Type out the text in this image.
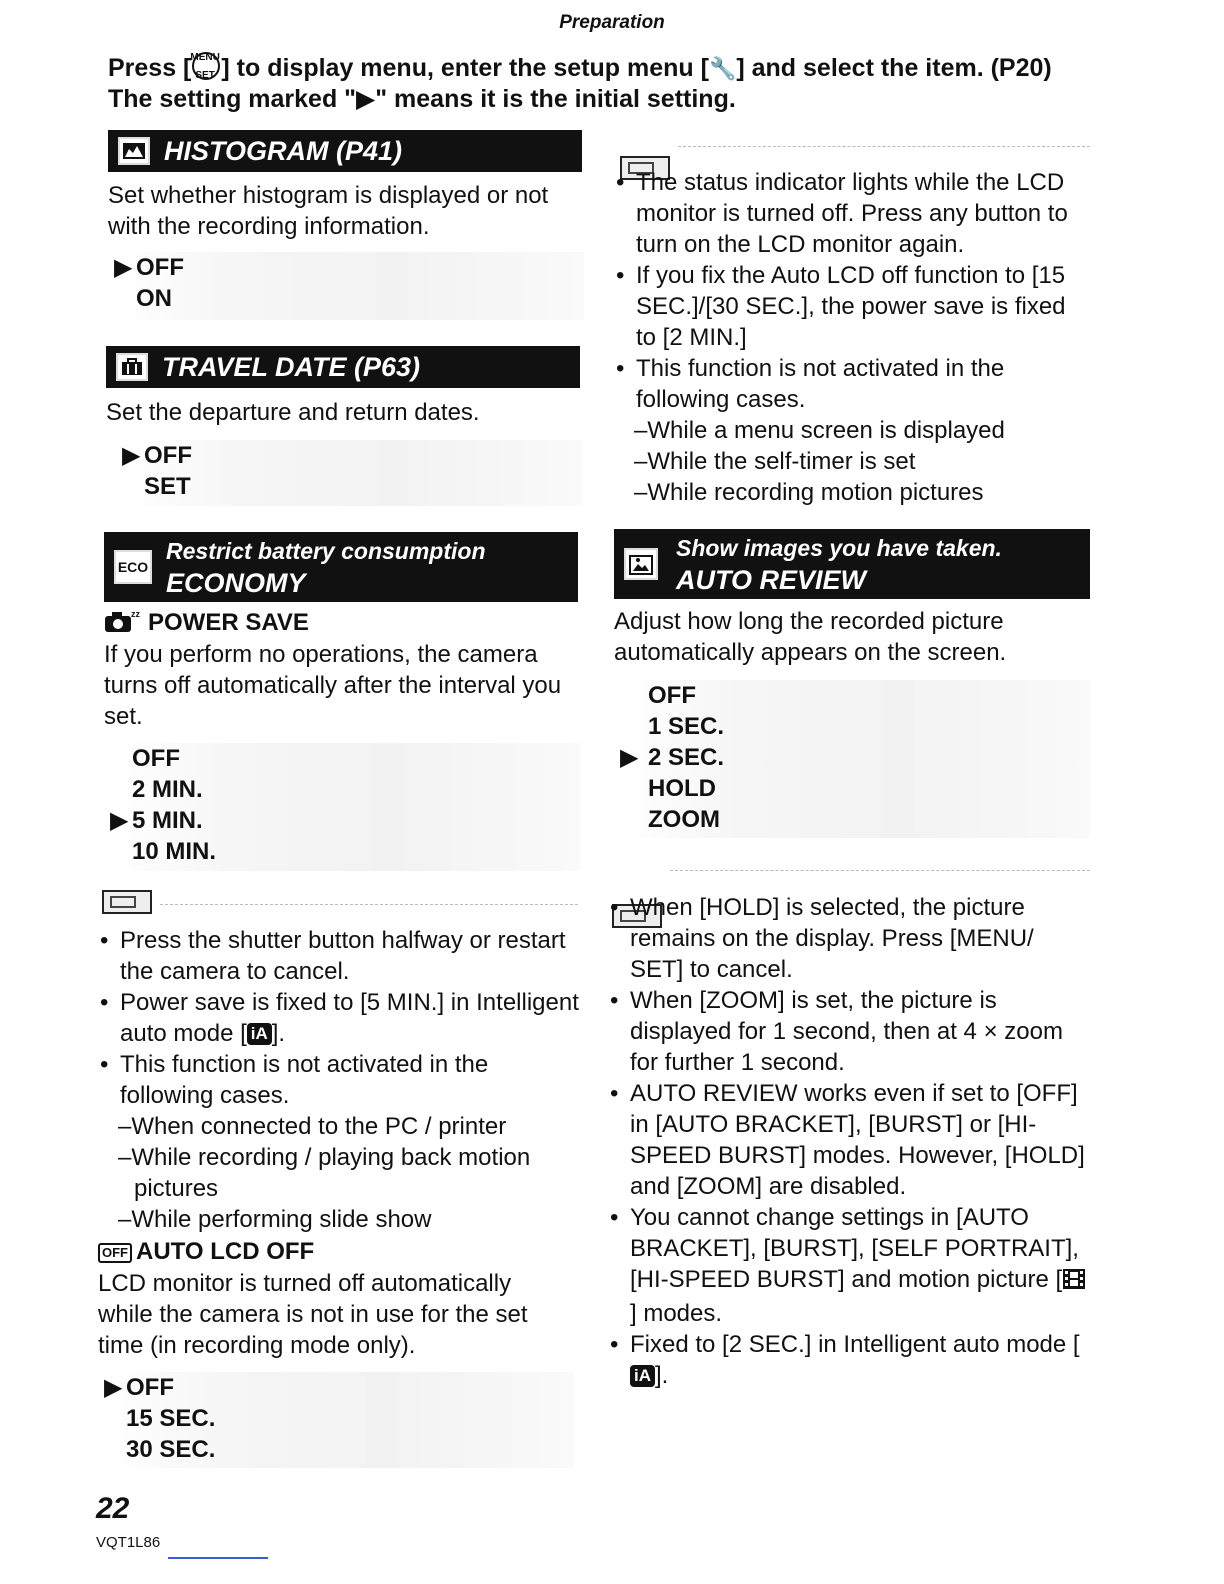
Preparation
Press [ MENU
SET ] to display menu, enter the setup menu [🔧] and select the item. (P20)
The setting marked "▶" means it is the initial setting.
HISTOGRAM (P41)
Set whether histogram is displayed or not with the recording information.
▶ OFF
ON
TRAVEL DATE (P63)
Set the departure and return dates.
▶ OFF
SET
ECO
Restrict battery consumption
ECONOMY
zz POWER SAVE
If you perform no operations, the camera turns off automatically after the interval you set.
OFF
2 MIN.
▶ 5 MIN.
10 MIN.
• Press the shutter button halfway or restart the camera to cancel.
• Power save is fixed to [5 MIN.] in Intelligent auto mode [ iA ].
• This function is not activated in the following cases.
–When connected to the PC / printer
–While recording / playing back motion pictures
–While performing slide show
OFF AUTO LCD OFF
LCD monitor is turned off automatically while the camera is not in use for the set time (in recording mode only).
▶ OFF
15 SEC.
30 SEC.
• The status indicator lights while the LCD monitor is turned off. Press any button to turn on the LCD monitor again.
• If you fix the Auto LCD off function to [15 SEC.]/[30 SEC.], the power save is fixed to [2 MIN.]
• This function is not activated in the following cases.
–While a menu screen is displayed
–While the self-timer is set
–While recording motion pictures
Show images you have taken.
AUTO REVIEW
Adjust how long the recorded picture automatically appears on the screen.
OFF
1 SEC.
▶ 2 SEC.
HOLD
ZOOM
• When [HOLD] is selected, the picture remains on the display. Press [MENU/ SET] to cancel.
• When [ZOOM] is set, the picture is displayed for 1 second, then at 4 × zoom for further 1 second.
• AUTO REVIEW works even if set to [OFF] in [AUTO BRACKET], [BURST] or [HI-SPEED BURST] modes. However, [HOLD] and [ZOOM] are disabled.
• You cannot change settings in [AUTO BRACKET], [BURST], [SELF PORTRAIT], [HI-SPEED BURST] and motion picture [] modes.
• Fixed to [2 SEC.] in Intelligent auto mode [iA ].
22
VQT1L86
